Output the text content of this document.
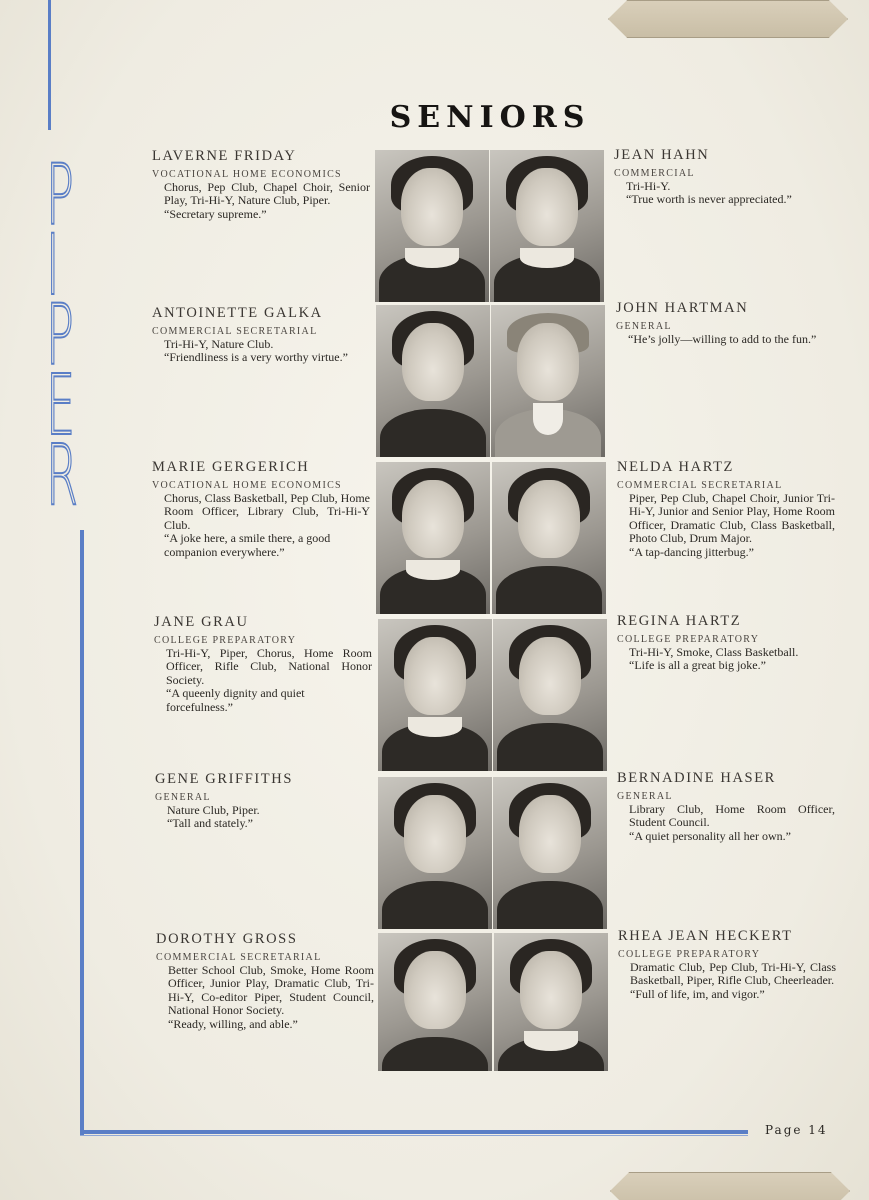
P
I
P
E
R
SENIORS
LAVERNE FRIDAY
VOCATIONAL HOME ECONOMICS
Chorus, Pep Club, Chapel Choir, Senior Play, Tri-Hi-Y, Nature Club, Piper.
“Secretary supreme.”
ANTOINETTE GALKA
COMMERCIAL SECRETARIAL
Tri-Hi-Y, Nature Club.
“Friendliness is a very worthy virtue.”
MARIE GERGERICH
VOCATIONAL HOME ECONOMICS
Chorus, Class Basketball, Pep Club, Home Room Officer, Library Club, Tri-Hi-Y Club.
“A joke here, a smile there, a good companion everywhere.”
JANE GRAU
COLLEGE PREPARATORY
Tri-Hi-Y, Piper, Chorus, Home Room Officer, Rifle Club, National Honor Society.
“A queenly dignity and quiet forcefulness.”
GENE GRIFFITHS
GENERAL
Nature Club, Piper.
“Tall and stately.”
DOROTHY GROSS
COMMERCIAL SECRETARIAL
Better School Club, Smoke, Home Room Officer, Junior Play, Dramatic Club, Tri-Hi-Y, Co-editor Piper, Student Council, National Honor Society.
“Ready, willing, and able.”
JEAN HAHN
COMMERCIAL
Tri-Hi-Y.
“True worth is never appreciated.”
JOHN HARTMAN
GENERAL
“He’s jolly—willing to add to the fun.”
NELDA HARTZ
COMMERCIAL SECRETARIAL
Piper, Pep Club, Chapel Choir, Junior Tri-Hi-Y, Junior and Senior Play, Home Room Officer, Dramatic Club, Class Basketball, Photo Club, Drum Major.
“A tap-dancing jitterbug.”
REGINA HARTZ
COLLEGE PREPARATORY
Tri-Hi-Y, Smoke, Class Basketball.
“Life is all a great big joke.”
BERNADINE HASER
GENERAL
Library Club, Home Room Officer, Student Council.
“A quiet personality all her own.”
RHEA JEAN HECKERT
COLLEGE PREPARATORY
Dramatic Club, Pep Club, Tri-Hi-Y, Class Basketball, Piper, Rifle Club, Cheerleader.
“Full of life, im, and vigor.”
Page 14
